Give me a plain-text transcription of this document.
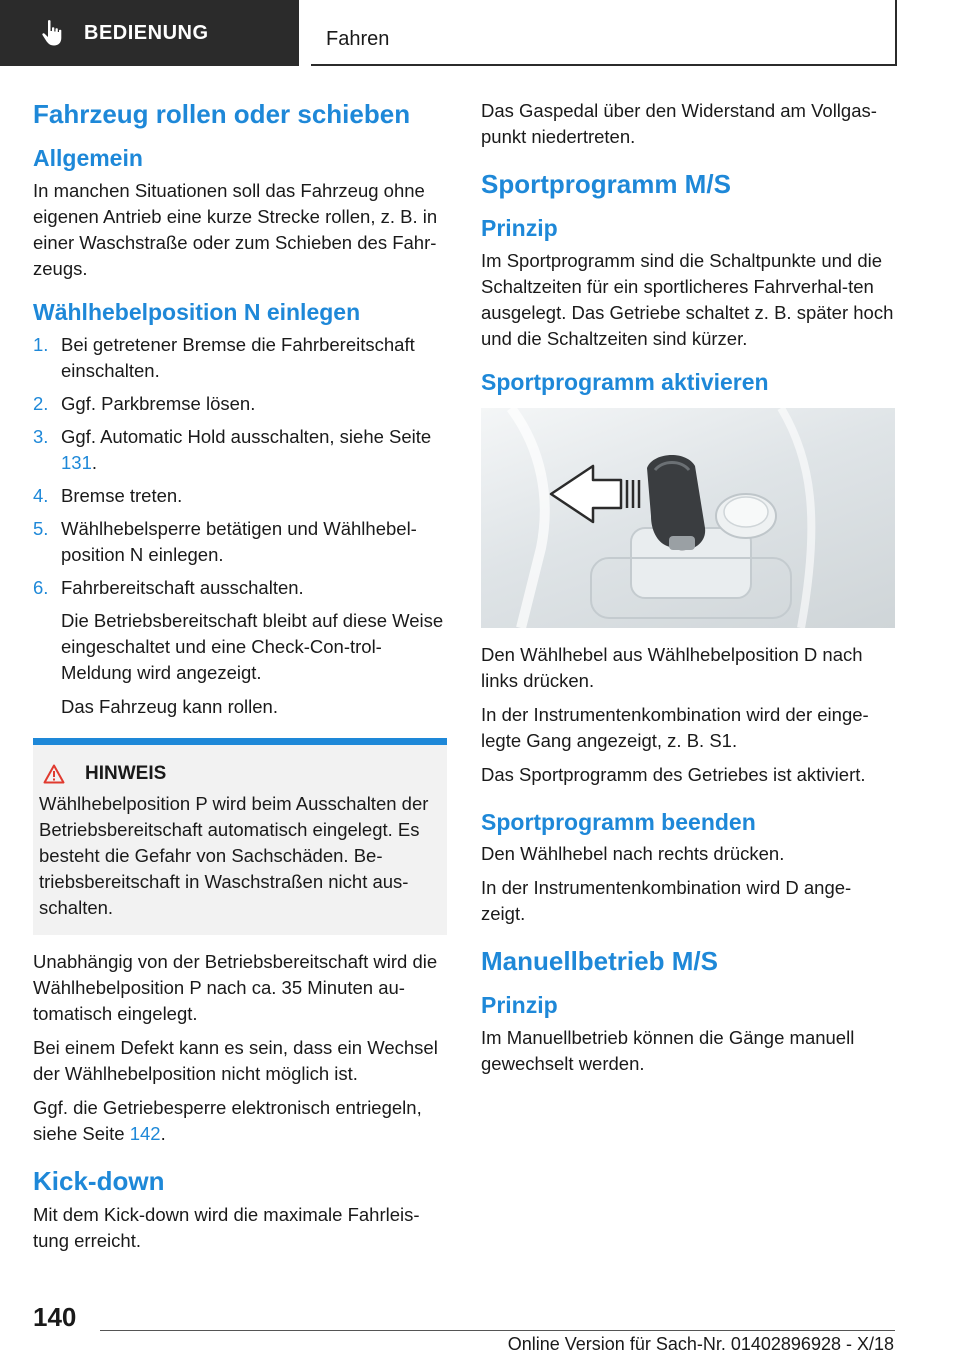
BEDIENUNG	Fahren
Fahrzeug rollen oder schieben
Allgemein

In manchen Situationen soll das Fahrzeug ohne eigenen Antrieb eine kurze Strecke rollen, z. B. in einer Waschstraße oder zum Schieben des Fahr-zeugs.

Wählhebelposition N einlegen
1. Bei getretener Bremse die Fahrbereitschaft einschalten.
2. Ggf. Parkbremse lösen.
3. Ggf. Automatic Hold ausschalten, siehe Seite 131.
4. Bremse treten.
5. Wählhebelsperre betätigen und Wählhebel-position N einlegen.
6. Fahrbereitschaft ausschalten.

Die Betriebsbereitschaft bleibt auf diese Weise eingeschaltet und eine Check-Con-trol-Meldung wird angezeigt.

Das Fahrzeug kann rollen.

HINWEIS

Wählhebelposition P wird beim Ausschalten der Betriebsbereitschaft automatisch eingelegt. Es besteht die Gefahr von Sachschäden. Be-triebsbereitschaft in Waschstraßen nicht aus-schalten.

Unabhängig von der Betriebsbereitschaft wird die Wählhebelposition P nach ca. 35 Minuten au-tomatisch eingelegt.

Bei einem Defekt kann es sein, dass ein Wechsel der Wählhebelposition nicht möglich ist.

Ggf. die Getriebesperre elektronisch entriegeln, siehe Seite 142.

Kick-down

Mit dem Kick-down wird die maximale Fahrleis-tung erreicht.

Das Gaspedal über den Widerstand am Vollgas-punkt niedertreten.

Sportprogramm M/S
Prinzip

Im Sportprogramm sind die Schaltpunkte und die Schaltzeiten für ein sportlicheres Fahrverhal-ten ausgelegt. Das Getriebe schaltet z. B. später hoch und die Schaltzeiten sind kürzer.

Sportprogramm aktivieren

Den Wählhebel aus Wählhebelposition D nach links drücken.

In der Instrumentenkombination wird der einge-legte Gang angezeigt, z. B. S1.

Das Sportprogramm des Getriebes ist aktiviert.

Sportprogramm beenden

Den Wählhebel nach rechts drücken.

In der Instrumentenkombination wird D ange-zeigt.

Manuellbetrieb M/S
Prinzip

Im Manuellbetrieb können die Gänge manuell gewechselt werden.

140
Online Version für Sach-Nr. 01402896928 - X/18
